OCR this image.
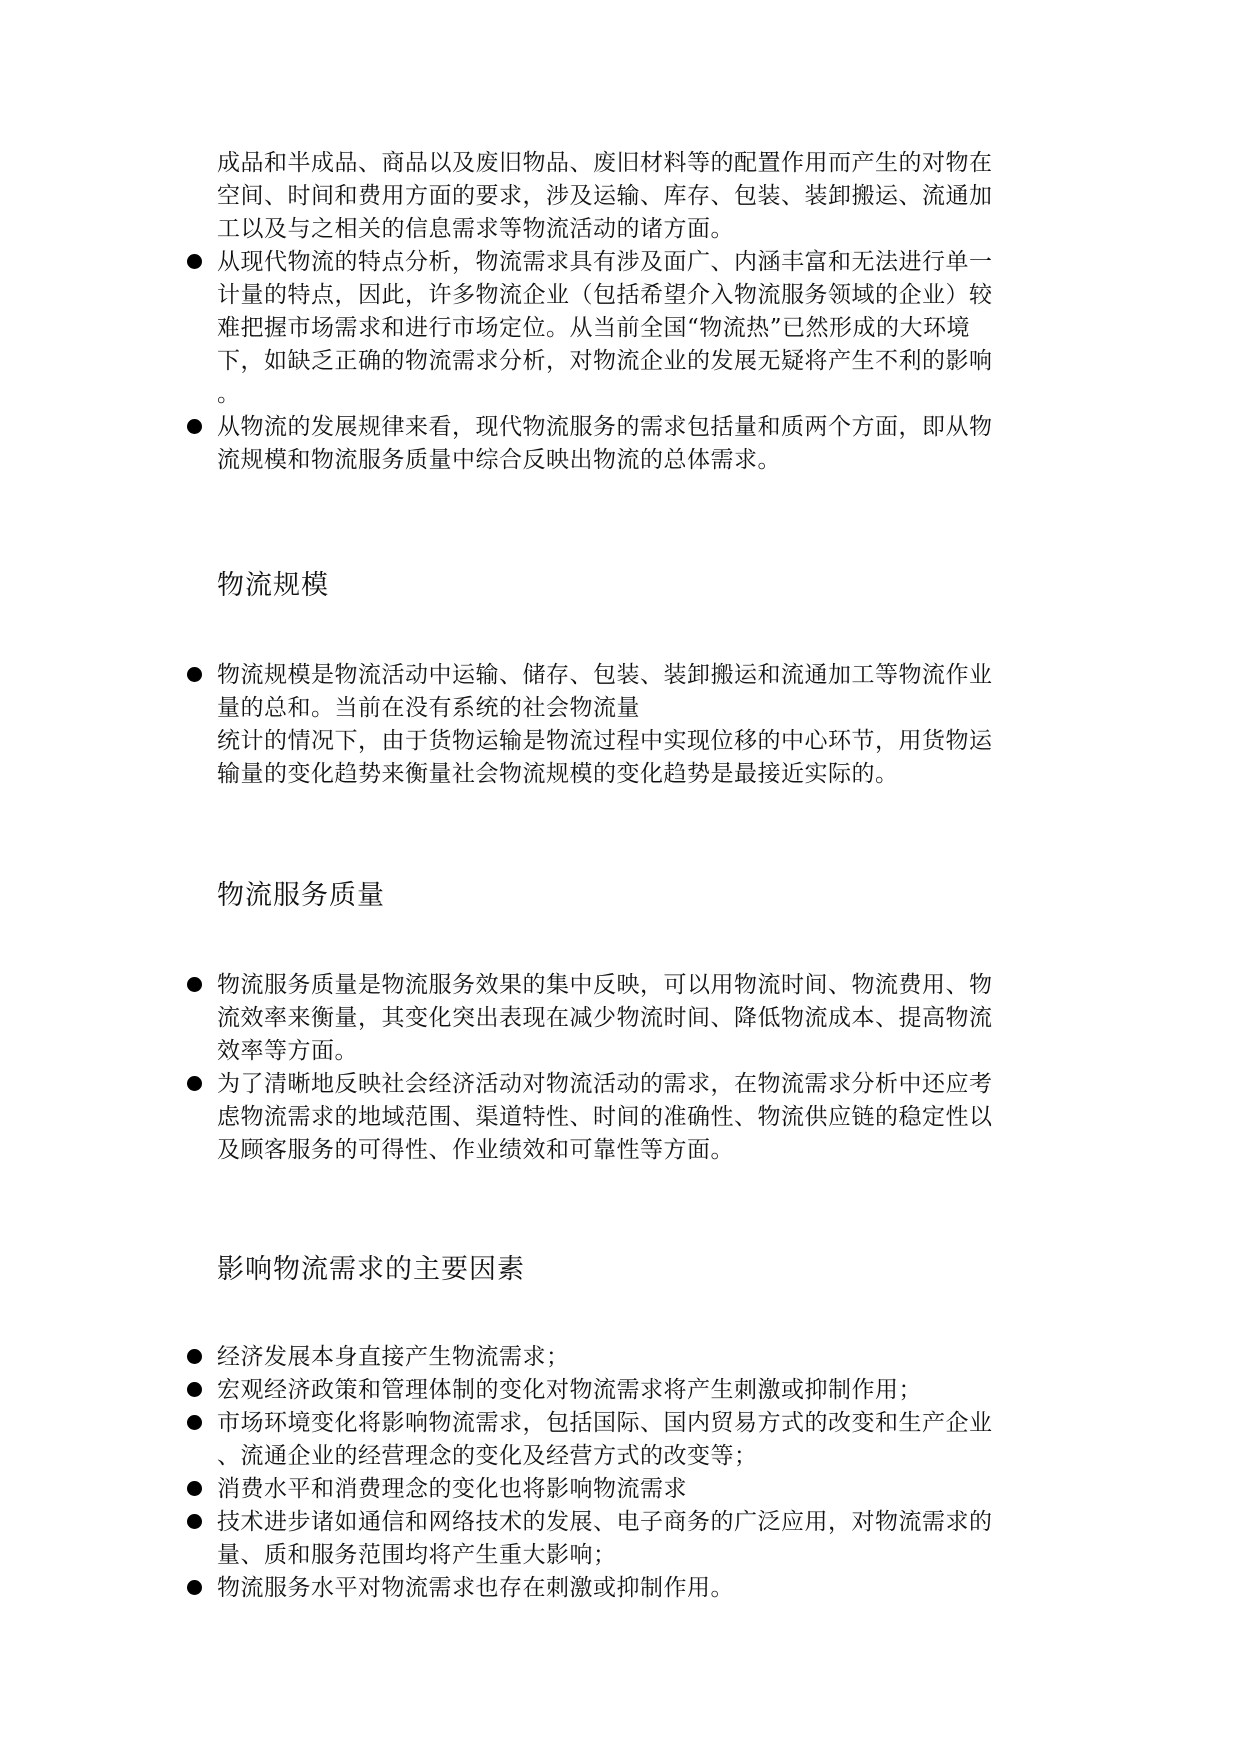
成品和半成品、商品以及废旧物品、废旧材料等的配置作用而产生的对物在
空间、时间和费用方面的要求，涉及运输、库存、包装、装卸搬运、流通加
工以及与之相关的信息需求等物流活动的诸方面。
从现代物流的特点分析，物流需求具有涉及面广、内涵丰富和无法进行单一
计量的特点，因此，许多物流企业（包括希望介入物流服务领域的企业）较
难把握市场需求和进行市场定位。从当前全国“物流热”已然形成的大环境
下，如缺乏正确的物流需求分析，对物流企业的发展无疑将产生不利的影响
。
从物流的发展规律来看，现代物流服务的需求包括量和质两个方面，即从物
流规模和物流服务质量中综合反映出物流的总体需求。
物流规模
物流规模是物流活动中运输、储存、包装、装卸搬运和流通加工等物流作业
量的总和。当前在没有系统的社会物流量
统计的情况下，由于货物运输是物流过程中实现位移的中心环节，用货物运
输量的变化趋势来衡量社会物流规模的变化趋势是最接近实际的。
物流服务质量
物流服务质量是物流服务效果的集中反映，可以用物流时间、物流费用、物
流效率来衡量，其变化突出表现在减少物流时间、降低物流成本、提高物流
效率等方面。
为了清晰地反映社会经济活动对物流活动的需求，在物流需求分析中还应考
虑物流需求的地域范围、渠道特性、时间的准确性、物流供应链的稳定性以
及顾客服务的可得性、作业绩效和可靠性等方面。
影响物流需求的主要因素
经济发展本身直接产生物流需求；
宏观经济政策和管理体制的变化对物流需求将产生刺激或抑制作用；
市场环境变化将影响物流需求，包括国际、国内贸易方式的改变和生产企业
、流通企业的经营理念的变化及经营方式的改变等；
消费水平和消费理念的变化也将影响物流需求
技术进步诸如通信和网络技术的发展、电子商务的广泛应用，对物流需求的
量、质和服务范围均将产生重大影响；
物流服务水平对物流需求也存在刺激或抑制作用。
